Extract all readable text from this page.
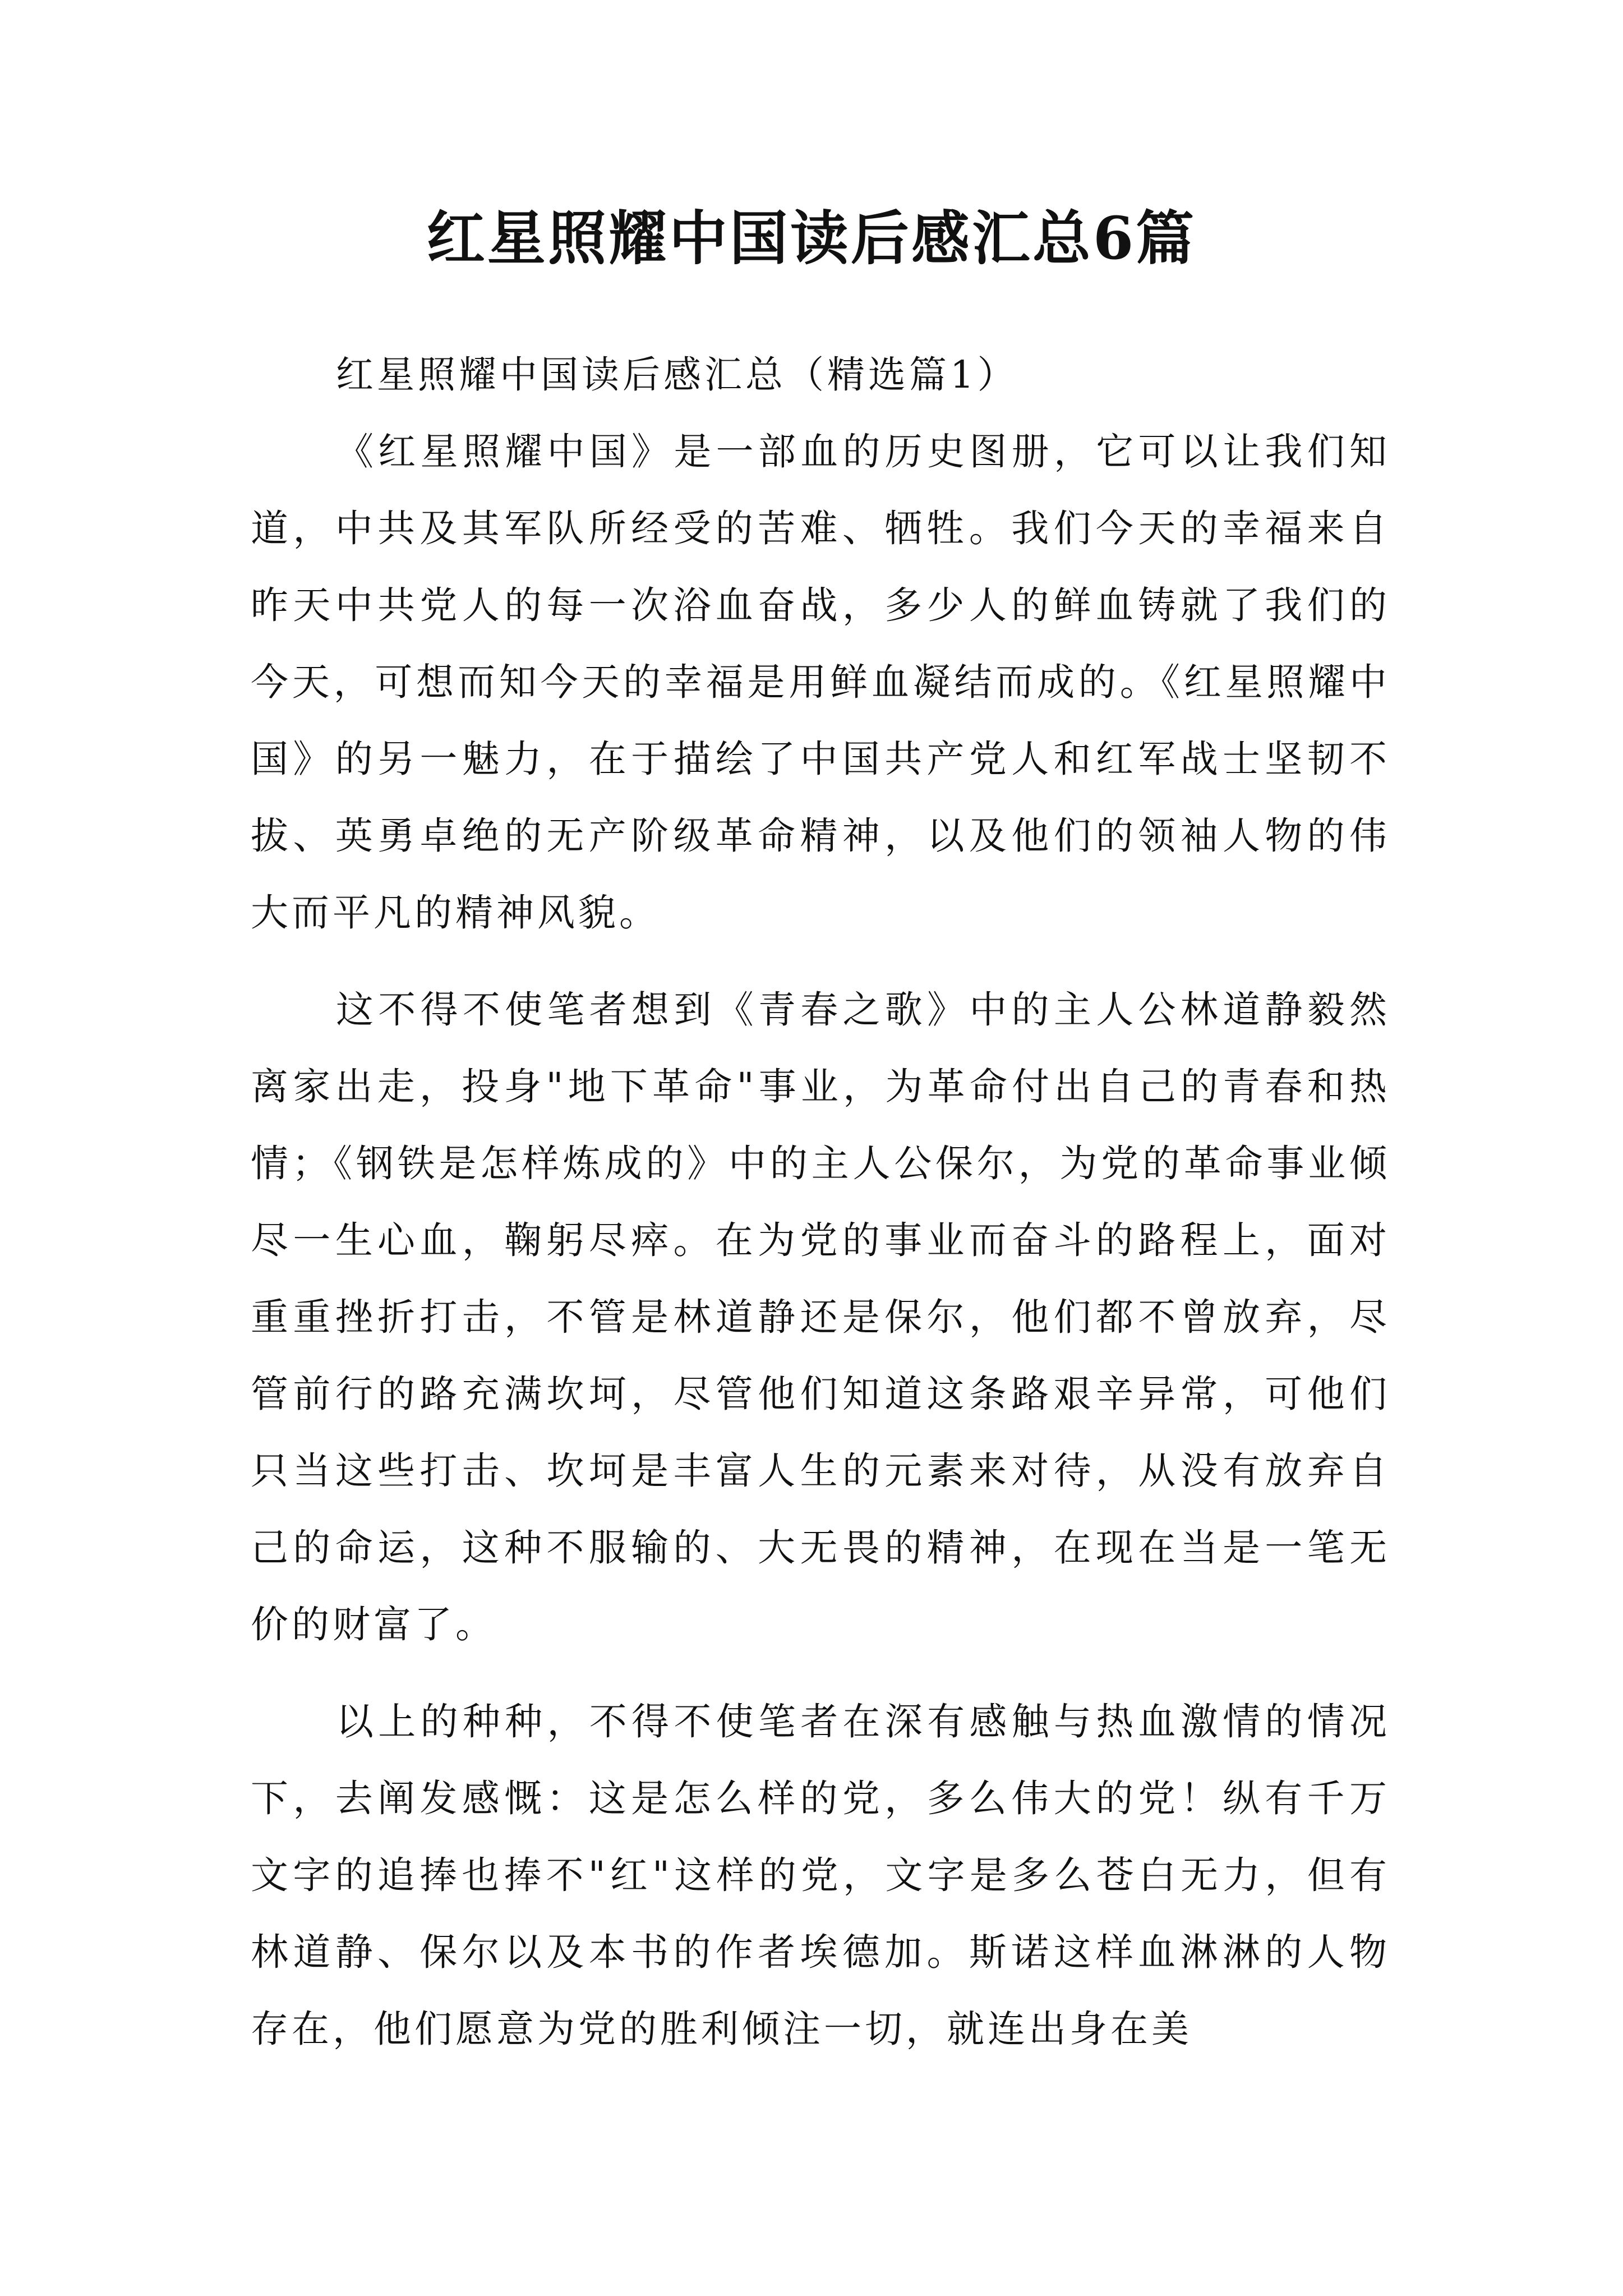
红星照耀中国读后感汇总6篇

红星照耀中国读后感汇总（精选篇1）

《红星照耀中国》是一部血的历史图册，它可以让我们知道，中共及其军队所经受的苦难、牺牲。我们今天的幸福来自昨天中共党人的每一次浴血奋战，多少人的鲜血铸就了我们的今天，可想而知今天的幸福是用鲜血凝结而成的。《红星照耀中国》的另一魅力，在于描绘了中国共产党人和红军战士坚韧不拔、英勇卓绝的无产阶级革命精神，以及他们的领袖人物的伟大而平凡的精神风貌。

这不得不使笔者想到《青春之歌》中的主人公林道静毅然离家出走，投身"地下革命"事业，为革命付出自己的青春和热情；《钢铁是怎样炼成的》中的主人公保尔，为党的革命事业倾尽一生心血，鞠躬尽瘁。在为党的事业而奋斗的路程上，面对重重挫折打击，不管是林道静还是保尔，他们都不曾放弃，尽管前行的路充满坎坷，尽管他们知道这条路艰辛异常，可他们只当这些打击、坎坷是丰富人生的元素来对待，从没有放弃自己的命运，这种不服输的、大无畏的精神，在现在当是一笔无价的财富了。

以上的种种，不得不使笔者在深有感触与热血激情的情况下，去阐发感慨：这是怎么样的党，多么伟大的党！纵有千万文字的追捧也捧不"红"这样的党，文字是多么苍白无力，但有林道静、保尔以及本书的作者埃德加。斯诺这样血淋淋的人物存在，他们愿意为党的胜利倾注一切，就连出身在美
